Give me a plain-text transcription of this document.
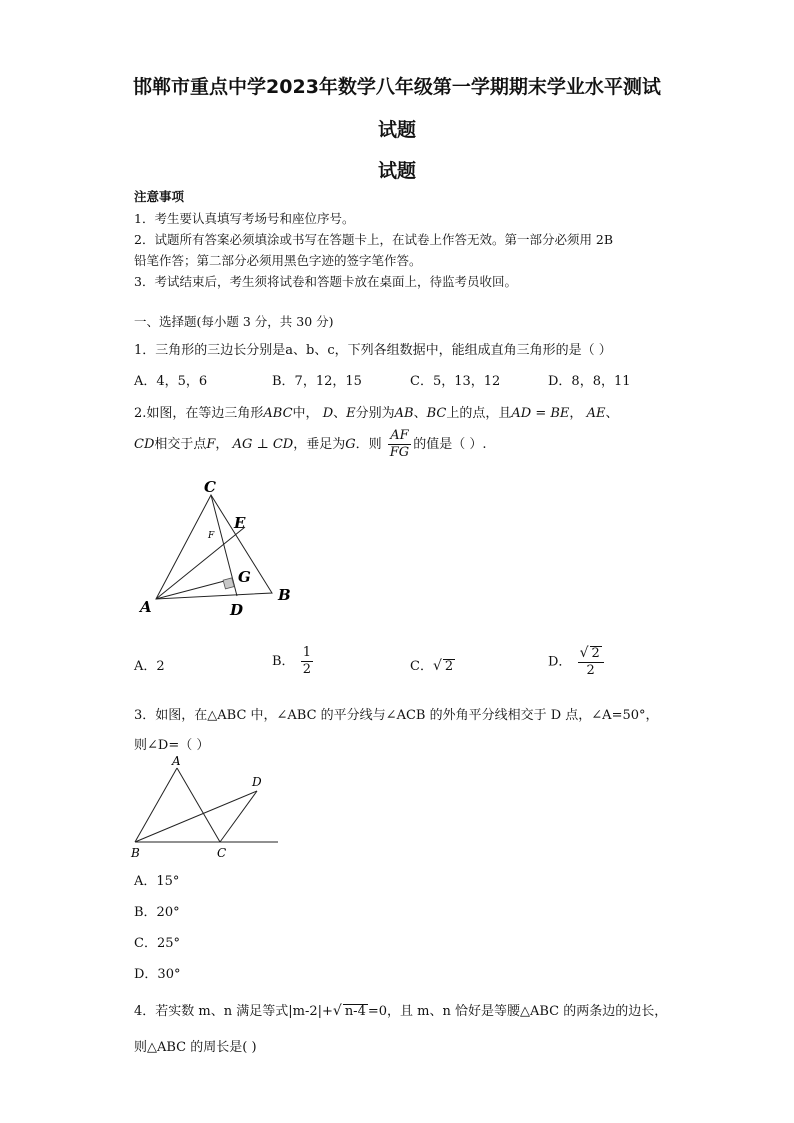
邯郸市重点中学2023年数学八年级第一学期期末学业水平测试
试题
试题
注意事项
1．考生要认真填写考场号和座位序号。
2．试题所有答案必须填涂或书写在答题卡上，在试卷上作答无效。第一部分必须用 2B
铅笔作答；第二部分必须用黑色字迹的签字笔作答。
3．考试结束后，考生须将试卷和答题卡放在桌面上，待监考员收回。
一、选择题(每小题 3 分，共 30 分)
1．三角形的三边长分别是a、b、c，下列各组数据中，能组成直角三角形的是（ ）
A．4，5，6	B．7，12，15	C．5，13，12	D．8，8，11
2.如图，在等边三角形ABC中， D、E分别为AB、BC上的点，且AD = BE， AE、
CD相交于点F， AG ⊥ CD，垂足为G．则 $\frac{AF}{FG}$ 的值是（ ）.
C
E
F
G
A	D
B
A．2	B． $\frac{1}{2}$	C．√ 2	D． $\frac{√ 2}{2}$
3．如图，在△ABC 中，∠ABC 的平分线与∠ACB 的外角平分线相交于 D 点，∠A=50°，
则∠D=（ ）
A
D
B	C
A．15°
B．20°
C．25°
D．30°
4．若实数 m、n 满足等式|m-2|+√ n-4 =0，且 m、n 恰好是等腰△ABC 的两条边的边长，
则△ABC 的周长是( )
